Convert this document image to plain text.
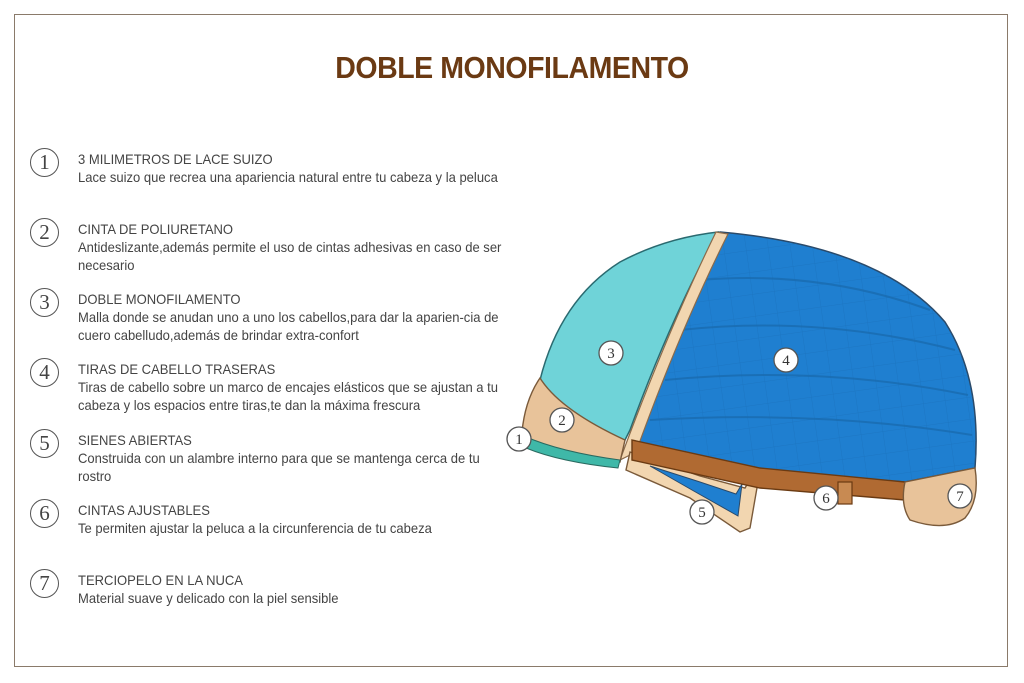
DOBLE MONOFILAMENTO
1	3 MILIMETROS DE LACE SUIZO
Lace suizo que recrea una apariencia natural entre tu cabeza y la peluca
2	CINTA DE POLIURETANO
Antideslizante,además permite el uso de cintas adhesivas en caso de ser necesario
3	DOBLE MONOFILAMENTO
Malla donde se anudan uno a uno los cabellos,para dar la aparien-cia de cuero cabelludo,además de brindar extra-confort
4	TIRAS DE CABELLO TRASERAS
Tiras de cabello sobre un marco de encajes elásticos que se ajustan a tu cabeza y los espacios entre tiras,te dan la máxima frescura
5	SIENES ABIERTAS
Construida con un alambre interno para que se mantenga cerca de tu rostro
6	CINTAS AJUSTABLES
Te permiten ajustar la peluca a la circunferencia de tu cabeza
7	TERCIOPELO EN LA NUCA
Material suave y delicado con la piel sensible
1
2
3	4
5
6	7
